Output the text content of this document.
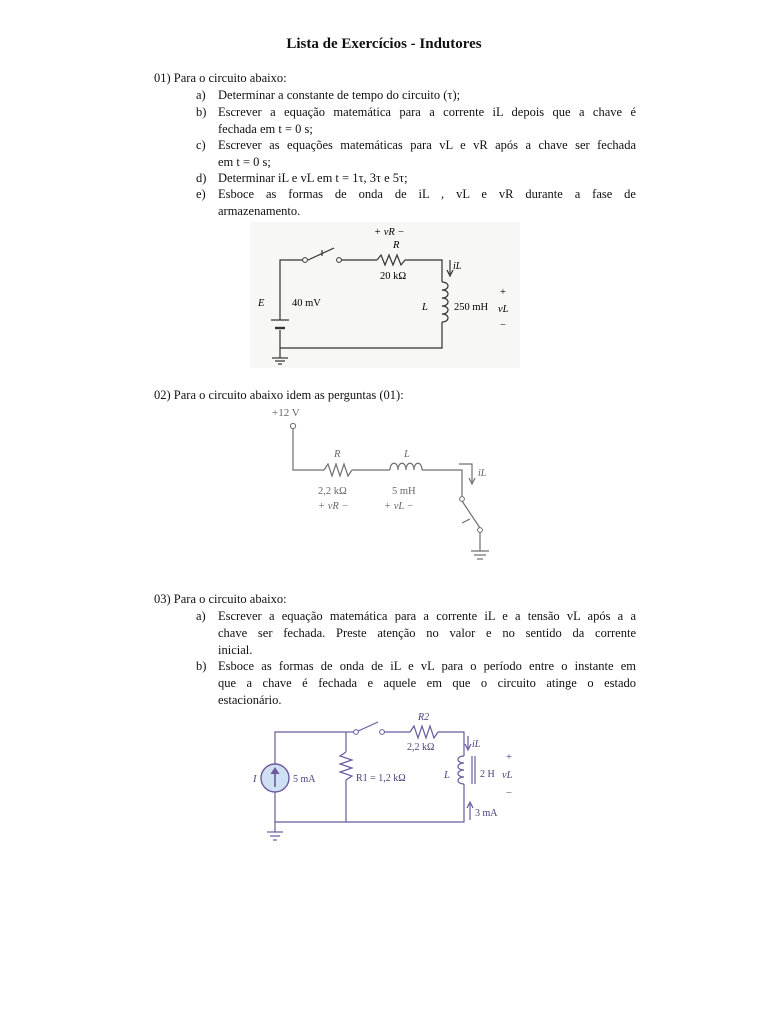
Lista de Exercícios - Indutores
01) Para o circuito abaixo:
a) Determinar a constante de tempo do circuito (τ);
b) Escrever a equação matemática para a corrente iL depois que a chave é
fechada em t = 0 s;
c) Escrever as equações matemáticas para vL e vR após a chave ser fechada
em t = 0 s;
d) Determinar iL e vL em t = 1τ, 3τ e 5τ;
e) Esboce as formas de onda de iL , vL e vR durante a fase de
armazenamento.
+ vR −
R
20 kΩ
iL
E	40 mV	L 250 mH
+
vL
−
02) Para o circuito abaixo idem as perguntas (01):
+12 V
R
2,2 kΩ
+ vR −
L
5 mH
+ vL −
iL
03) Para o circuito abaixo:
a) Escrever a equação matemática para a corrente iL e a tensão vL após a a
chave ser fechada. Preste atenção no valor e no sentido da corrente
inicial.
b) Esboce as formas de onda de iL e vL para o período entre o instante em
que a chave é fechada e aquele em que o circuito atinge o estado
estacionário.
I	5 mA	R1 = 1,2 kΩ
R2
2,2 kΩ	iL
L	2 H
+
vL
−
3 mA
